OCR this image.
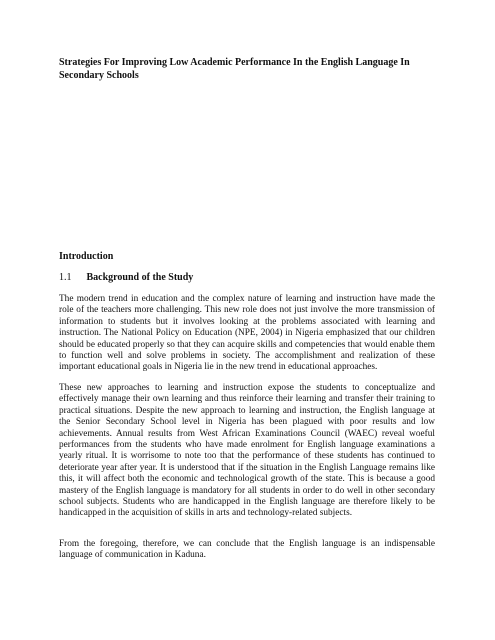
Strategies For Improving Low Academic Performance In the English Language In Secondary Schools
Introduction
1.1 Background of the Study

The modern trend in education and the complex nature of learning and instruction have made the role of the teachers more challenging. This new role does not just involve the more transmission of information to students but it involves looking at the problems associated with learning and instruction. The National Policy on Education (NPE, 2004) in Nigeria emphasized that our children should be educated properly so that they can acquire skills and competencies that would enable them to function well and solve problems in society. The accomplishment and realization of these important educational goals in Nigeria lie in the new trend in educational approaches.

These new approaches to learning and instruction expose the students to conceptualize and effectively manage their own learning and thus reinforce their learning and transfer their training to practical situations. Despite the new approach to learning and instruction, the English language at the Senior Secondary School level in Nigeria has been plagued with poor results and low achievements. Annual results from West African Examinations Council (WAEC) reveal woeful performances from the students who have made enrolment for English language examinations a yearly ritual. It is worrisome to note too that the performance of these students has continued to deteriorate year after year. It is understood that if the situation in the English Language remains like this, it will affect both the economic and technological growth of the state. This is because a good mastery of the English language is mandatory for all students in order to do well in other secondary school subjects. Students who are handicapped in the English language are therefore likely to be handicapped in the acquisition of skills in arts and technology-related subjects.

From the foregoing, therefore, we can conclude that the English language is an indispensable language of communication in Kaduna.
